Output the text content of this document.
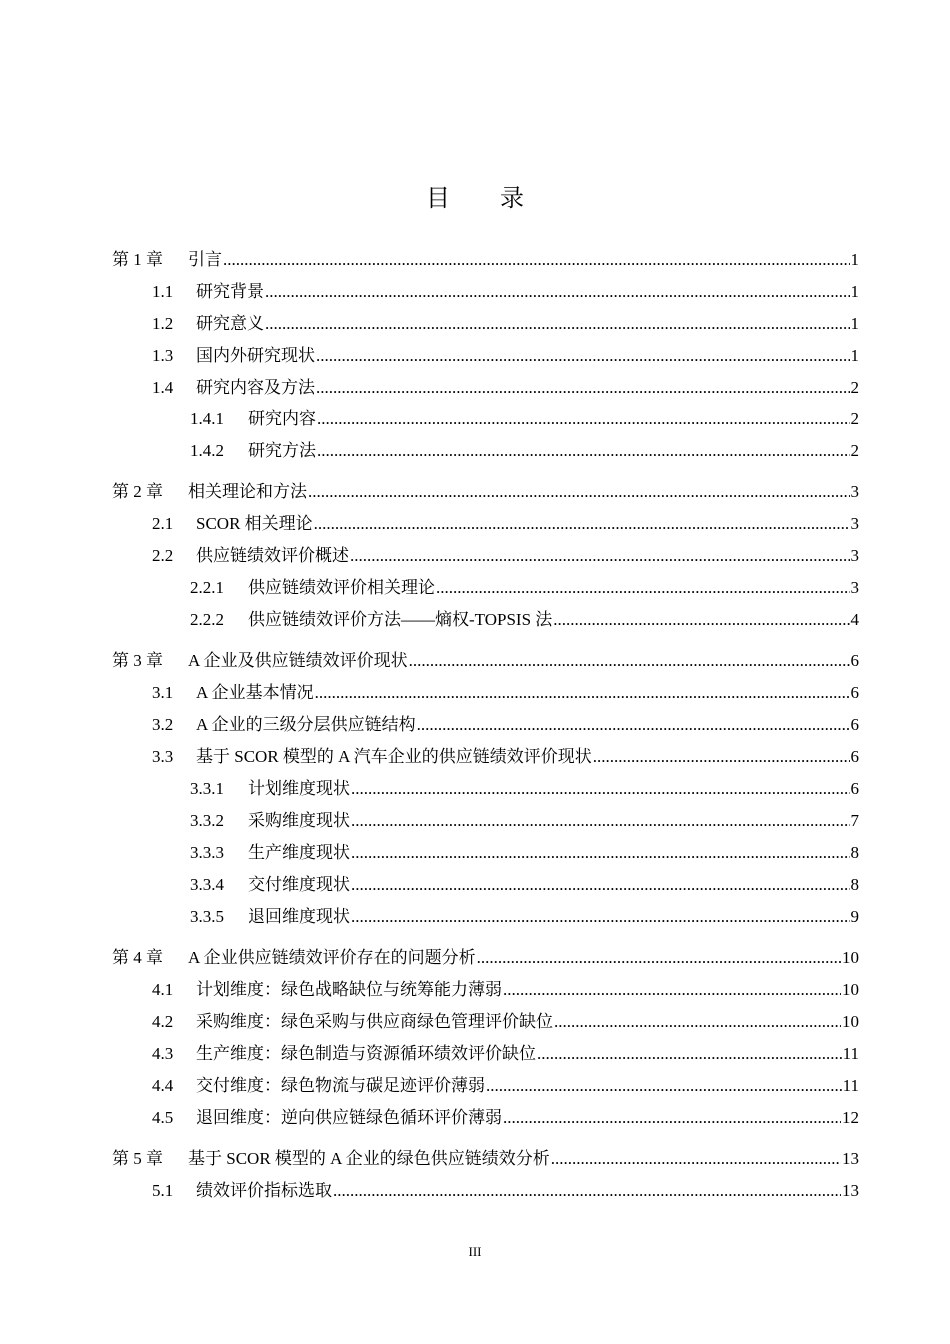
目 录
第 1 章	引言 .....	1
1.1	研究背景 .....	1
1.2	研究意义 .....	1
1.3	国内外研究现状 .....	1
1.4	研究内容及方法 .....	2
1.4.1	研究内容 .....	2
1.4.2	研究方法 .....	2
第 2 章	相关理论和方法 .....	3
2.1	SCOR 相关理论 .....	3
2.2	供应链绩效评价概述 .....	3
2.2.1	供应链绩效评价相关理论 .....	3
2.2.2	供应链绩效评价方法——熵权-TOPSIS 法 .....	4
第 3 章	A 企业及供应链绩效评价现状 .....	6
3.1	A 企业基本情况 .....	6
3.2	A 企业的三级分层供应链结构 .....	6
3.3	基于 SCOR 模型的 A 汽车企业的供应链绩效评价现状 .....	6
3.3.1	计划维度现状 .....	6
3.3.2	采购维度现状 .....	7
3.3.3	生产维度现状 .....	8
3.3.4	交付维度现状 .....	8
3.3.5	退回维度现状 .....	9
第 4 章	A 企业供应链绩效评价存在的问题分析 .....	10
4.1	计划维度：绿色战略缺位与统筹能力薄弱 .....	10
4.2	采购维度：绿色采购与供应商绿色管理评价缺位 .....	10
4.3	生产维度：绿色制造与资源循环绩效评价缺位 .....	11
4.4	交付维度：绿色物流与碳足迹评价薄弱 .....	11
4.5	退回维度：逆向供应链绿色循环评价薄弱 .....	12
第 5 章	基于 SCOR 模型的 A 企业的绿色供应链绩效分析 .....	13
5.1	绩效评价指标选取 .....	13
III
